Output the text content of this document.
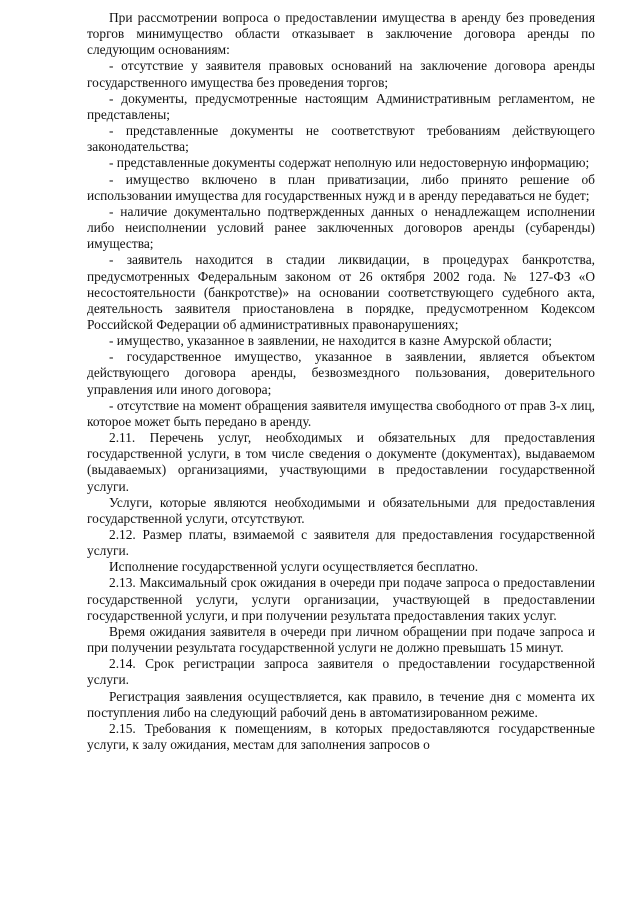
При рассмотрении вопроса о предоставлении имущества в аренду без проведения торгов минимущество области отказывает в заключение договора аренды по следующим основаниям:

- отсутствие у заявителя правовых оснований на заключение договора аренды государственного имущества без проведения торгов;

- документы, предусмотренные настоящим Административным регламентом, не представлены;

- представленные документы не соответствуют требованиям действующего законодательства;

- представленные документы содержат неполную или недостоверную информацию;

- имущество включено в план приватизации, либо принято решение об использовании имущества для государственных нужд и в аренду передаваться не будет;

- наличие документально подтвержденных данных о ненадлежащем исполнении либо неисполнении условий ранее заключенных договоров аренды (субаренды) имущества;

- заявитель находится в стадии ликвидации, в процедурах банкротства, предусмотренных Федеральным законом от 26 октября 2002 года. № 127-ФЗ «О несостоятельности (банкротстве)» на основании соответствующего судебного акта, деятельность заявителя приостановлена в порядке, предусмотренном Кодексом Российской Федерации об административных правонарушениях;

- имущество, указанное в заявлении, не находится в казне Амурской области;

- государственное имущество, указанное в заявлении, является объектом действующего договора аренды, безвозмездного пользования, доверительного управления или иного договора;

- отсутствие на момент обращения заявителя имущества свободного от прав 3-х лиц, которое может быть передано в аренду.

2.11. Перечень услуг, необходимых и обязательных для предоставления государственной услуги, в том числе сведения о документе (документах), выдаваемом (выдаваемых) организациями, участвующими в предоставлении государственной услуги.

Услуги, которые являются необходимыми и обязательными для предоставления государственной услуги, отсутствуют.

2.12. Размер платы, взимаемой с заявителя для предоставления государственной услуги.

Исполнение государственной услуги осуществляется бесплатно.

2.13. Максимальный срок ожидания в очереди при подаче запроса о предоставлении государственной услуги, услуги организации, участвующей в предоставлении государственной услуги, и при получении результата предоставления таких услуг.

Время ожидания заявителя в очереди при личном обращении при подаче запроса и при получении результата государственной услуги не должно превышать 15 минут.

2.14. Срок регистрации запроса заявителя о предоставлении государственной услуги.

Регистрация заявления осуществляется, как правило, в течение дня с момента их поступления либо на следующий рабочий день в автоматизированном режиме.

2.15. Требования к помещениям, в которых предоставляются государственные услуги, к залу ожидания, местам для заполнения запросов о
